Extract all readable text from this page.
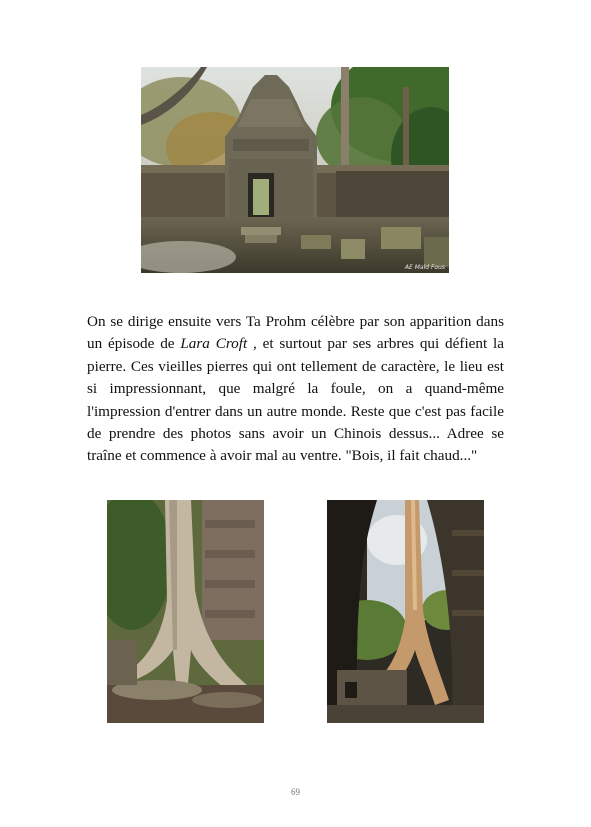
AE Mald Fous

On se dirige ensuite vers Ta Prohm célèbre par son apparition dans un épisode de Lara Croft , et surtout par ses arbres qui défient la pierre. Ces vieilles pierres qui ont tellement de caractère, le lieu est si impressionnant, que malgré la foule, on a quand-même l'impression d'entrer dans un autre monde. Reste que c'est pas facile de prendre des photos sans avoir un Chinois dessus... Adree se traîne et commence à avoir mal au ventre. "Bois, il fait chaud..."

69
